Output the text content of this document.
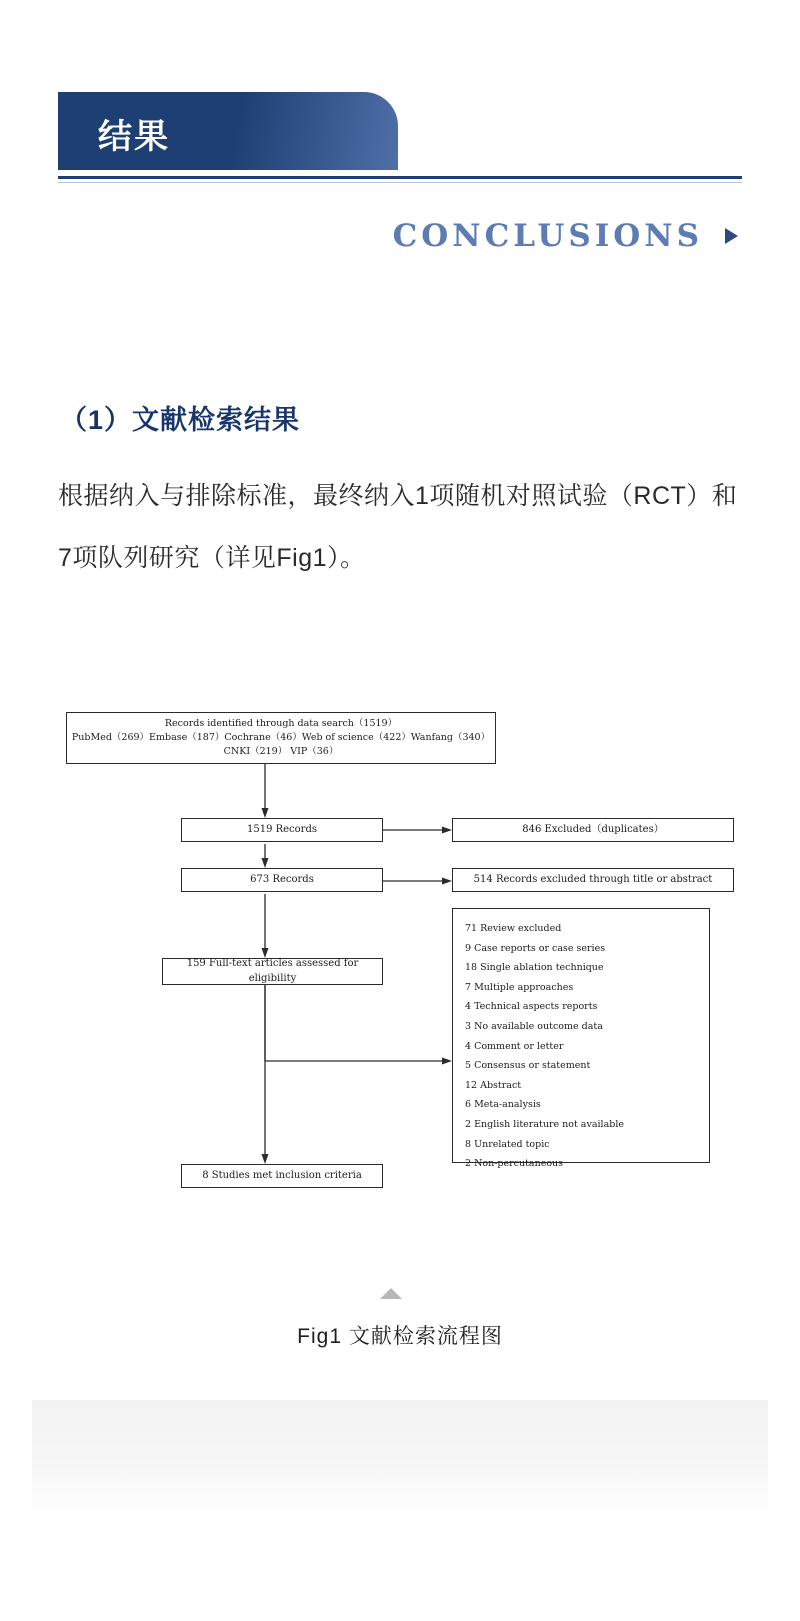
结果
CONCLUSIONS
（1）文献检索结果
根据纳入与排除标准，最终纳入1项随机对照试验（RCT）和7项队列研究（详见Fig1）。
Records identified through data search（1519）
PubMed（269）Embase（187）Cochrane（46）Web of science（422）Wanfang（340）
CNKI（219） VIP（36）
1519 Records	846 Excluded（duplicates）
673 Records	514 Records excluded through title or abstract
159 Full-text articles assessed for eligibility
71 Review excluded
9 Case reports or case series
18 Single ablation technique
7 Multiple approaches
4 Technical aspects reports
3 No available outcome data
4 Comment or letter
5 Consensus or statement
12 Abstract
6 Meta-analysis
2 English literature not available
8 Unrelated topic
2 Non-percutaneous
8 Studies met inclusion criteria
Fig1 文献检索流程图
